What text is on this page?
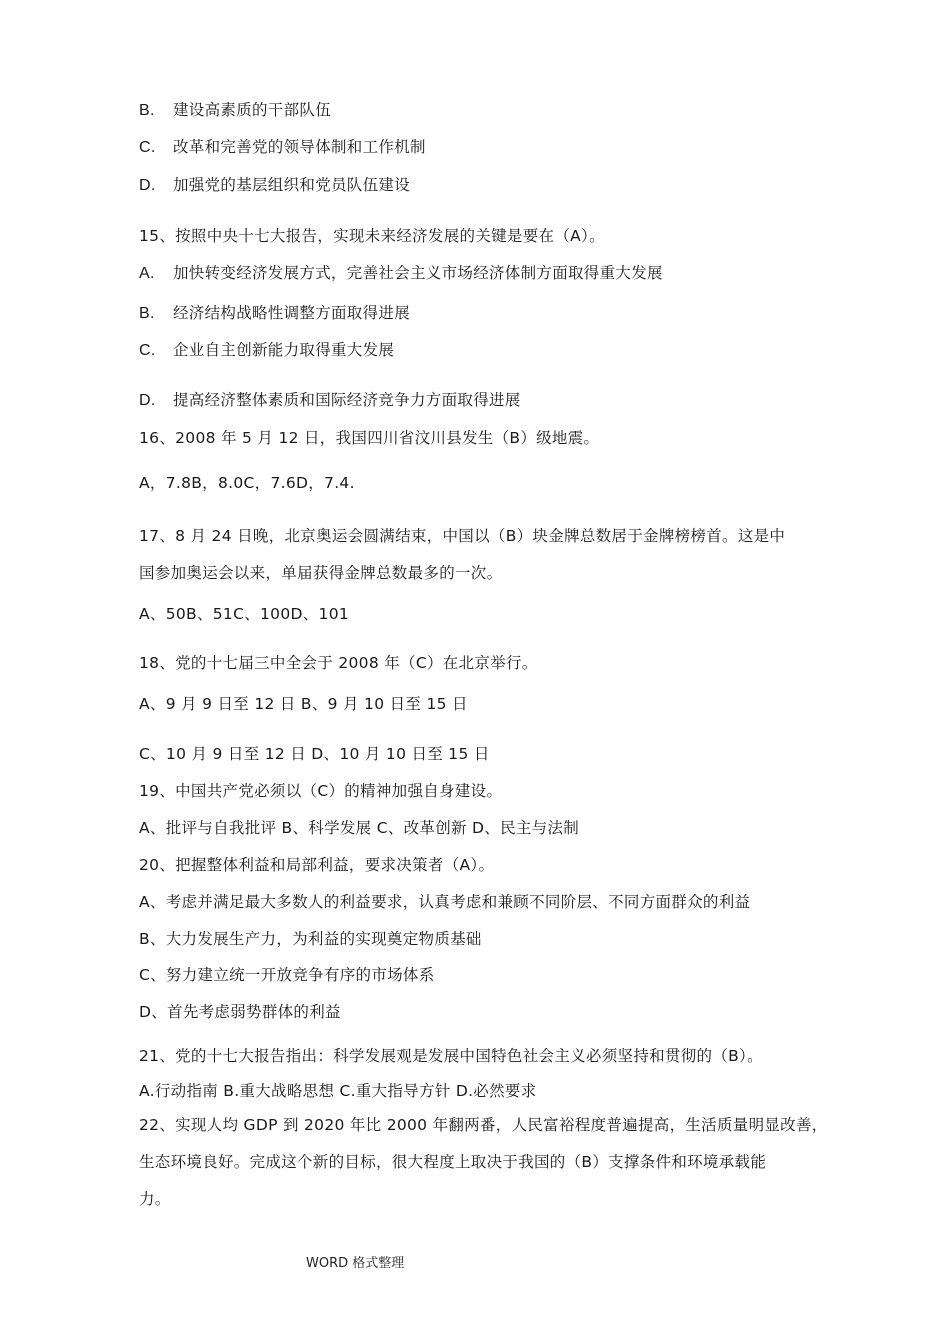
B. 建设高素质的干部队伍
C. 改革和完善党的领导体制和工作机制
D. 加强党的基层组织和党员队伍建设
15、按照中央十七大报告，实现未来经济发展的关键是要在（A）。
A. 加快转变经济发展方式，完善社会主义市场经济体制方面取得重大发展
B. 经济结构战略性调整方面取得进展
C. 企业自主创新能力取得重大发展
D. 提高经济整体素质和国际经济竞争力方面取得进展
16、2008 年 5 月 12 日，我国四川省汶川县发生（B）级地震。
A，7.8B，8.0C，7.6D，7.4.
17、8 月 24 日晚，北京奥运会圆满结束，中国以（B）块金牌总数居于金牌榜榜首。这是中
国参加奥运会以来，单届获得金牌总数最多的一次。
A、50B、51C、100D、101
18、党的十七届三中全会于 2008 年（C）在北京举行。
A、9 月 9 日至 12 日 B、9 月 10 日至 15 日
C、10 月 9 日至 12 日 D、10 月 10 日至 15 日
19、中国共产党必须以（C）的精神加强自身建设。
A、批评与自我批评 B、科学发展 C、改革创新 D、民主与法制
20、把握整体利益和局部利益，要求决策者（A）。
A、考虑并满足最大多数人的利益要求，认真考虑和兼顾不同阶层、不同方面群众的利益
B、大力发展生产力，为利益的实现奠定物质基础
C、努力建立统一开放竞争有序的市场体系
D、首先考虑弱势群体的利益
21、党的十七大报告指出：科学发展观是发展中国特色社会主义必须坚持和贯彻的（B）。
A.行动指南 B.重大战略思想 C.重大指导方针 D.必然要求
22、实现人均 GDP 到 2020 年比 2000 年翻两番，人民富裕程度普遍提高，生活质量明显改善，
生态环境良好。完成这个新的目标，很大程度上取决于我国的（B）支撑条件和环境承载能
力。
WORD 格式整理
